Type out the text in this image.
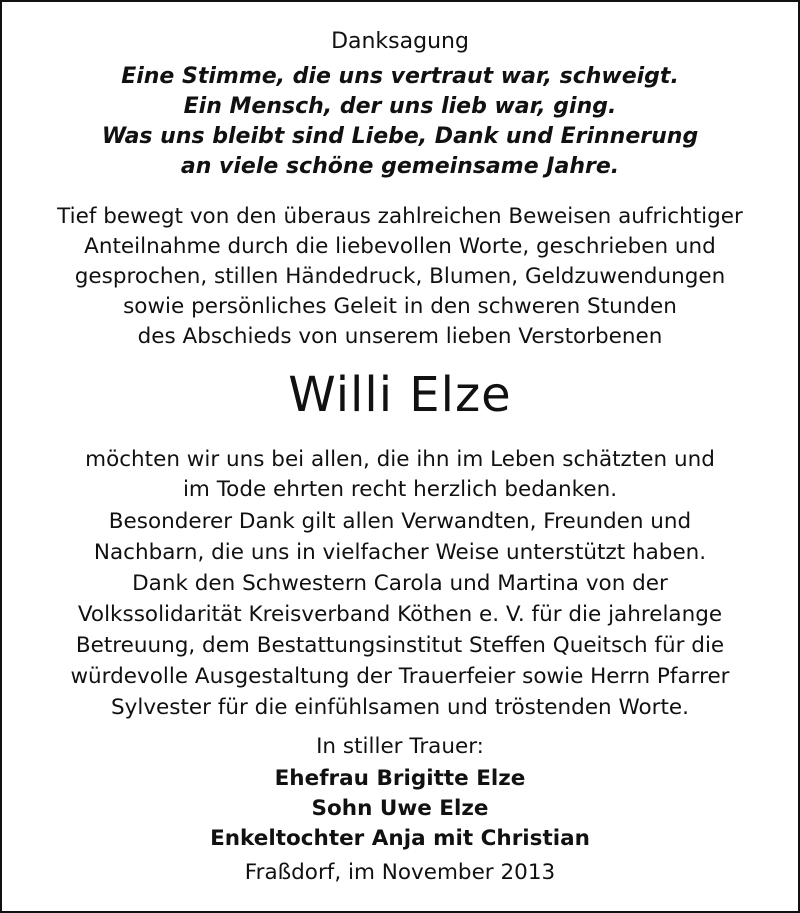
Danksagung
Eine Stimme, die uns vertraut war, schweigt.
Ein Mensch, der uns lieb war, ging.
Was uns bleibt sind Liebe, Dank und Erinnerung
an viele schöne gemeinsame Jahre.
Tief bewegt von den überaus zahlreichen Beweisen aufrichtiger
Anteilnahme durch die liebevollen Worte, geschrieben und
gesprochen, stillen Händedruck, Blumen, Geldzuwendungen
sowie persönliches Geleit in den schweren Stunden
des Abschieds von unserem lieben Verstorbenen
Willi Elze
möchten wir uns bei allen, die ihn im Leben schätzten und
im Tode ehrten recht herzlich bedanken.
Besonderer Dank gilt allen Verwandten, Freunden und
Nachbarn, die uns in vielfacher Weise unterstützt haben.
Dank den Schwestern Carola und Martina von der
Volkssolidarität Kreisverband Köthen e. V. für die jahrelange
Betreuung, dem Bestattungsinstitut Steffen Queitsch für die
würdevolle Ausgestaltung der Trauerfeier sowie Herrn Pfarrer
Sylvester für die einfühlsamen und tröstenden Worte.
In stiller Trauer:
Ehefrau Brigitte Elze
Sohn Uwe Elze
Enkeltochter Anja mit Christian
Fraßdorf, im November 2013
